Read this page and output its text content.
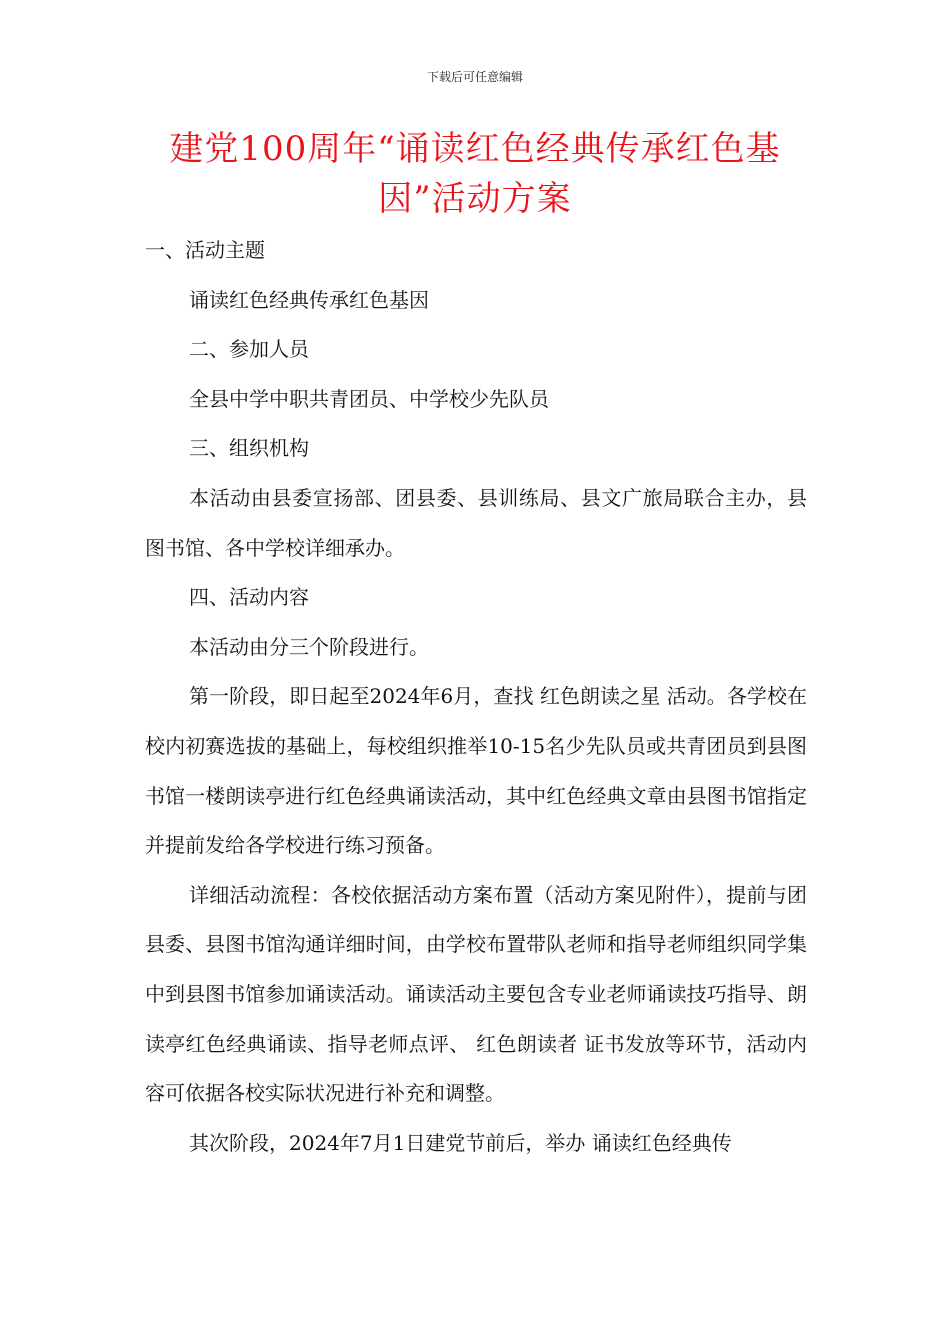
下载后可任意编辑
建党100周年“诵读红色经典传承红色基因”活动方案

一、活动主题

诵读红色经典传承红色基因

二、参加人员

全县中学中职共青团员、中学校少先队员

三、组织机构

本活动由县委宣扬部、团县委、县训练局、县文广旅局联合主办，县图书馆、各中学校详细承办。

四、活动内容

本活动由分三个阶段进行。

第一阶段，即日起至2024年6月，查找 红色朗读之星 活动。各学校在校内初赛选拔的基础上，每校组织推举10-15名少先队员或共青团员到县图书馆一楼朗读亭进行红色经典诵读活动，其中红色经典文章由县图书馆指定并提前发给各学校进行练习预备。

详细活动流程：各校依据活动方案布置（活动方案见附件），提前与团县委、县图书馆沟通详细时间，由学校布置带队老师和指导老师组织同学集中到县图书馆参加诵读活动。诵读活动主要包含专业老师诵读技巧指导、朗读亭红色经典诵读、指导老师点评、 红色朗读者 证书发放等环节，活动内容可依据各校实际状况进行补充和调整。

其次阶段，2024年7月1日建党节前后，举办 诵读红色经典传
